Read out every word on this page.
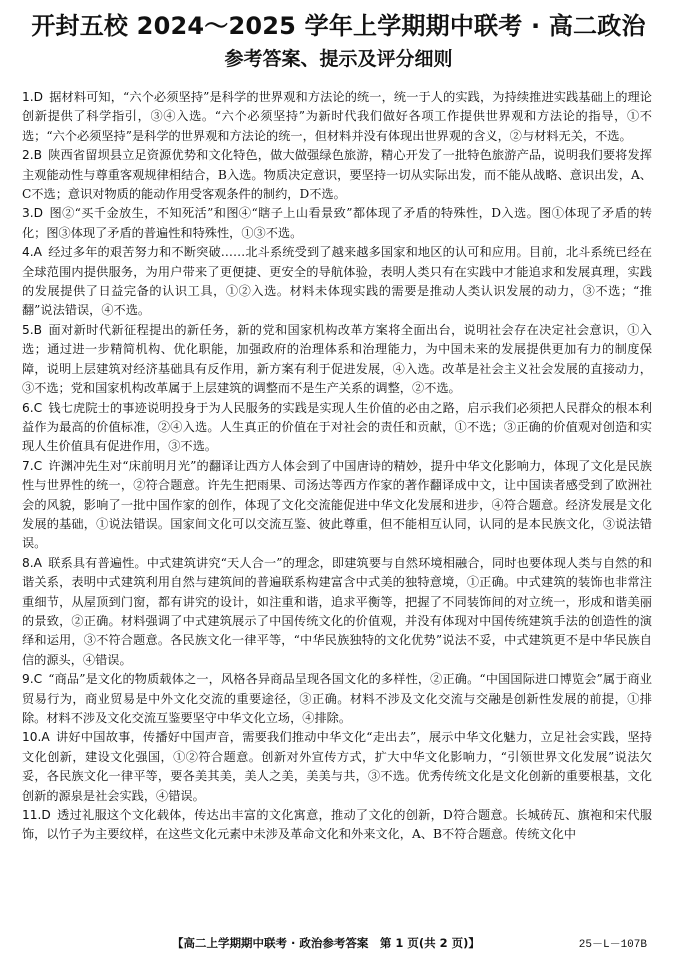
开封五校 2024～2025 学年上学期期中联考 · 高二政治
参考答案、提示及评分细则

1.D  据材料可知，“六个必须坚持”是科学的世界观和方法论的统一，统一于人的实践，为持续推进实践基础上的理论创新提供了科学指引，③④入选。“六个必须坚持”为新时代我们做好各项工作提供世界观和方法论的指导，①不选；“六个必须坚持”是科学的世界观和方法论的统一，但材料并没有体现出世界观的含义，②与材料无关，不选。

2.B  陕西省留坝县立足资源优势和文化特色，做大做强绿色旅游，精心开发了一批特色旅游产品，说明我们要将发挥主观能动性与尊重客观规律相结合，B入选。物质决定意识，要坚持一切从实际出发，而不能从战略、意识出发，A、C不选；意识对物质的能动作用受客观条件的制约，D不选。

3.D  图②“买千金放生，不知死活”和图④“瞎子上山看景致”都体现了矛盾的特殊性，D入选。图①体现了矛盾的转化；图③体现了矛盾的普遍性和特殊性，①③不选。

4.A  经过多年的艰苦努力和不断突破……北斗系统受到了越来越多国家和地区的认可和应用。目前，北斗系统已经在全球范围内提供服务，为用户带来了更便捷、更安全的导航体验，表明人类只有在实践中才能追求和发展真理，实践的发展提供了日益完备的认识工具，①②入选。材料未体现实践的需要是推动人类认识发展的动力，③不选；“推翻”说法错误，④不选。

5.B  面对新时代新征程提出的新任务，新的党和国家机构改革方案将全面出台，说明社会存在决定社会意识，①入选；通过进一步精简机构、优化职能，加强政府的治理体系和治理能力，为中国未来的发展提供更加有力的制度保障，说明上层建筑对经济基础具有反作用，新方案有利于促进发展，④入选。改革是社会主义社会发展的直接动力，③不选；党和国家机构改革属于上层建筑的调整而不是生产关系的调整，②不选。

6.C  钱七虎院士的事迹说明投身于为人民服务的实践是实现人生价值的必由之路，启示我们必须把人民群众的根本利益作为最高的价值标准，②④入选。人生真正的价值在于对社会的责任和贡献，①不选；③正确的价值观对创造和实现人生价值具有促进作用，③不选。

7.C  许渊冲先生对“床前明月光”的翻译让西方人体会到了中国唐诗的精妙，提升中华文化影响力，体现了文化是民族性与世界性的统一，②符合题意。许先生把雨果、司汤达等西方作家的著作翻译成中文，让中国读者感受到了欧洲社会的风貌，影响了一批中国作家的创作，体现了文化交流能促进中华文化发展和进步，④符合题意。经济发展是文化发展的基础，①说法错误。国家间文化可以交流互鉴、彼此尊重，但不能相互认同，认同的是本民族文化，③说法错误。

8.A  联系具有普遍性。中式建筑讲究“天人合一”的理念，即建筑要与自然环境相融合，同时也要体现人类与自然的和谐关系，表明中式建筑利用自然与建筑间的普遍联系构建富含中式美的独特意境，①正确。中式建筑的装饰也非常注重细节，从屋顶到门窗，都有讲究的设计，如注重和谐，追求平衡等，把握了不同装饰间的对立统一，形成和谐美丽的景致，②正确。材料强调了中式建筑展示了中国传统文化的价值观，并没有体现对中国传统建筑手法的创造性的演绎和运用，③不符合题意。各民族文化一律平等，“中华民族独特的文化优势”说法不妥，中式建筑更不是中华民族自信的源头，④错误。

9.C  “商品”是文化的物质载体之一，风格各异商品呈现各国文化的多样性，②正确。“中国国际进口博览会”属于商业贸易行为，商业贸易是中外文化交流的重要途径，③正确。材料不涉及文化交流与交融是创新性发展的前提，①排除。材料不涉及文化交流互鉴要坚守中华文化立场，④排除。

10.A  讲好中国故事，传播好中国声音，需要我们推动中华文化“走出去”，展示中华文化魅力，立足社会实践，坚持文化创新，建设文化强国，①②符合题意。创新对外宣传方式，扩大中华文化影响力，“引领世界文化发展”说法欠妥，各民族文化一律平等，要各美其美，美人之美，美美与共，③不选。优秀传统文化是文化创新的重要根基，文化创新的源泉是社会实践，④错误。

11.D  透过礼服这个文化载体，传达出丰富的文化寓意，推动了文化的创新，D符合题意。长城砖瓦、旗袍和宋代服饰，以竹子为主要纹样，在这些文化元素中未涉及革命文化和外来文化，A、B不符合题意。传统文化中

【高二上学期期中联考 · 政治参考答案　第 1 页(共 2 页)】	25－L－107B
